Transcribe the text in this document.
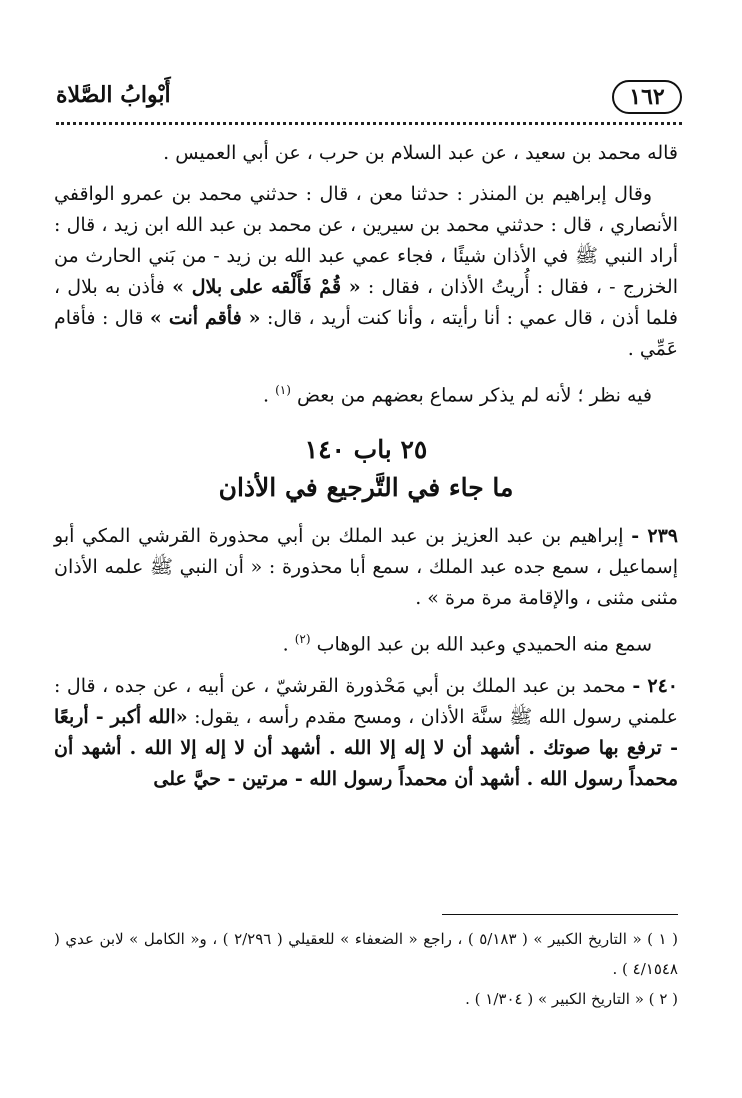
١٦٢
أَبْوابُ الصَّلاة

قاله محمد بن سعيد ، عن عبد السلام بن حرب ، عن أبي العميس .

وقال إبراهيم بن المنذر : حدثنا معن ، قال : حدثني محمد بن عمرو الواقفي الأنصاري ، قال : حدثني محمد بن سيرين ، عن محمد بن عبد الله ابن زيد ، قال : أراد النبي ﷺ في الأذان شيئًا ، فجاء عمي عبد الله بن زيد - من بَني الحارث من الخزرج - ، فقال : أُريتُ الأذان ، فقال : « قُمْ فَأَلْقه على بلال » فأذن به بلال ، فلما أذن ، قال عمي : أنا رأيته ، وأنا كنت أريد ، قال: « فأقم أنت » قال : فأقام عَمِّي .

فيه نظر ؛ لأنه لم يذكر سماع بعضهم من بعض $^{(١)}$ .

٢٥ باب ١٤٠
ما جاء في التَّرجيع في الأذان

٢٣٩ - إبراهيم بن عبد العزيز بن عبد الملك بن أبي محذورة القرشي المكي أبو إسماعيل ، سمع جده عبد الملك ، سمع أبا محذورة : « أن النبي ﷺ علمه الأذان مثنى مثنى ، والإقامة مرة مرة » .

سمع منه الحميدي وعبد الله بن عبد الوهاب $^{(٢)}$ .

٢٤٠ - محمد بن عبد الملك بن أبي مَحْذورة القرشيّ ، عن أبيه ، عن جده ، قال : علمني رسول الله ﷺ سنَّة الأذان ، ومسح مقدم رأسه ، يقول: «الله أكبر - أربعًا - ترفع بها صوتك . أشهد أن لا إله إلا الله . أشهد أن لا إله إلا الله . أشهد أن محمداً رسول الله . أشهد أن محمداً رسول الله - مرتين - حيَّ على

( ١ ) « التاريخ الكبير » ( ٥/١٨٣ ) ، راجع « الضعفاء » للعقيلي ( ٢/٢٩٦ ) ، و« الكامل » لابن عدي ( ٤/١٥٤٨ ) .

( ٢ ) « التاريخ الكبير » ( ١/٣٠٤ ) .
